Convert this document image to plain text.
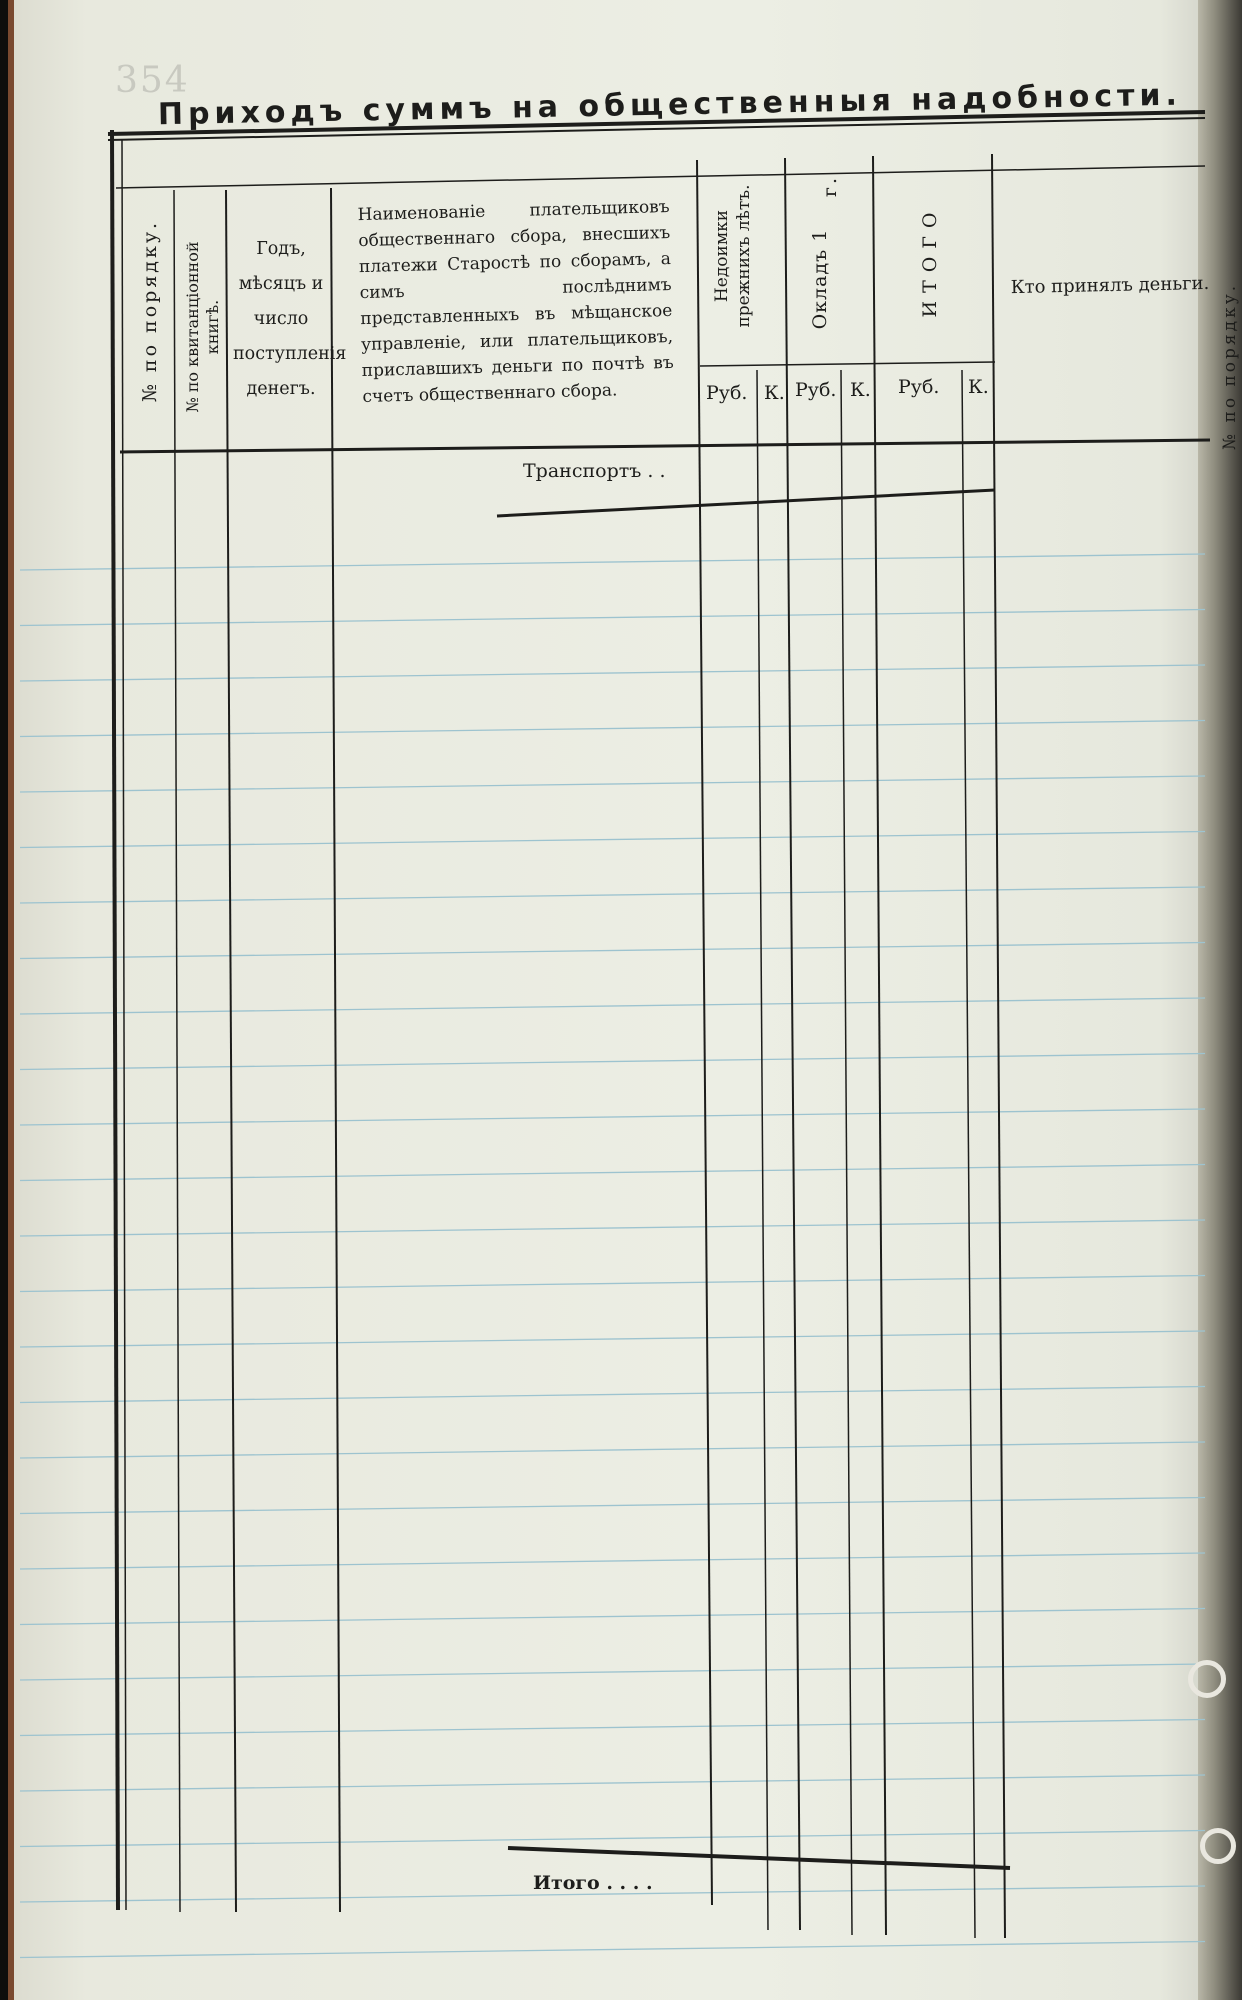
354
Приходъ суммъ на общественныя надобности.
№ по порядку. № по квитанціонной книгѣ.
Годъ, мѣсяцъ и число поступленія денегъ.
Наименованіе плательщиковъ общественнаго сбора, внесшихъ платежи Старостѣ по сборамъ, а симъ послѣднимъ представленныхъ въ мѣщанское управленіе, или плательщиковъ, приславшихъ деньги по почтѣ въ счетъ общественнаго сбора.
Недоимки прежнихъ лѣтъ.	Окладъ 1
г.
ИТОГО	Кто принялъ деньги.
Руб. К. Руб. К. Руб. К.
Транспортъ . .
Итого . . . .
№ по порядку.
